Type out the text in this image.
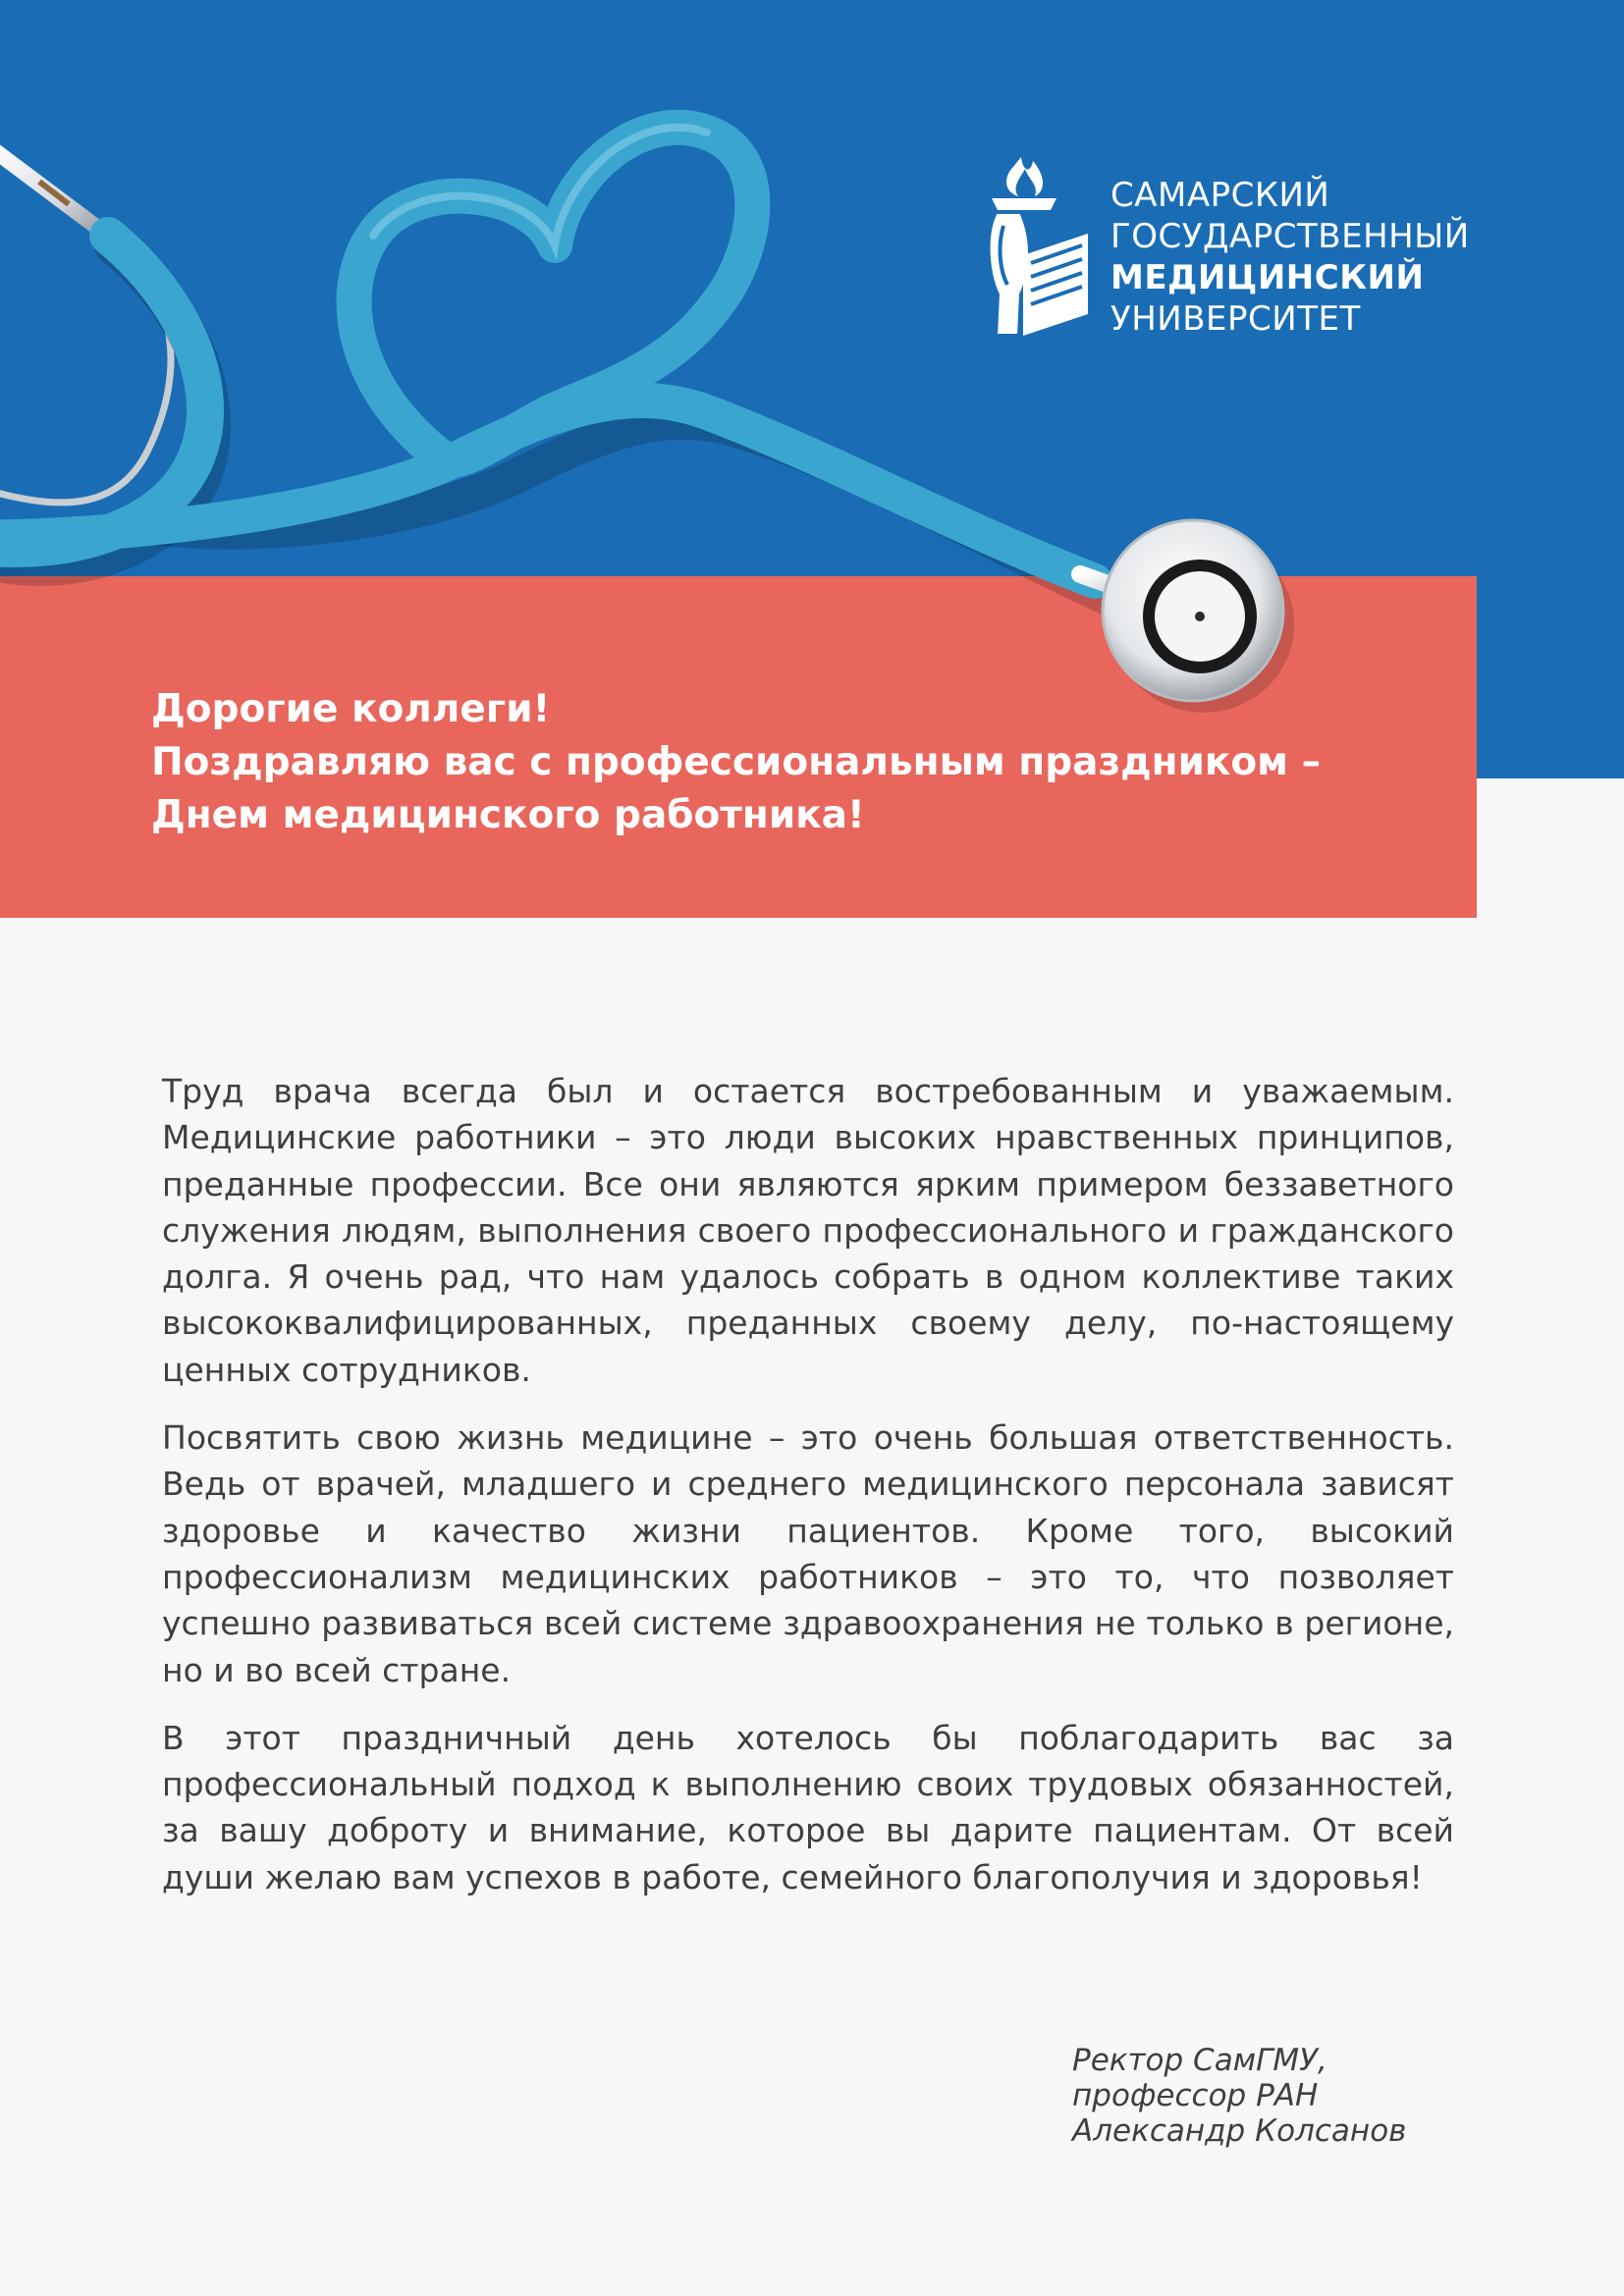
САМАРСКИЙ
ГОСУДАРСТВЕННЫЙ
МЕДИЦИНСКИЙ
УНИВЕРСИТЕТ
Дорогие коллеги!
Поздравляю вас с профессиональным праздником –
Днем медицинского работника!

Труд врача всегда был и остается востребованным и уважаемым. Медицинские работники – это люди высоких нравственных принципов, преданные профессии. Все они являются ярким примером беззаветного служения людям, выполнения своего профессионального и гражданского долга. Я очень рад, что нам удалось собрать в одном коллективе таких высококвалифицированных, преданных своему делу, по-настоящему ценных сотрудников.

Посвятить свою жизнь медицине – это очень большая ответственность. Ведь от врачей, младшего и среднего медицинского персонала зависят здоровье и качество жизни пациентов. Кроме того, высокий профессионализм медицинских работников – это то, что позволяет успешно развиваться всей системе здравоохранения не только в регионе, но и во всей стране.

В этот праздничный день хотелось бы поблагодарить вас за профессиональный подход к выполнению своих трудовых обязанностей, за вашу доброту и внимание, которое вы дарите пациентам. От всей души желаю вам успехов в работе, семейного благополучия и здоровья!

Ректор СамГМУ,
профессор РАН
Александр Колсанов
